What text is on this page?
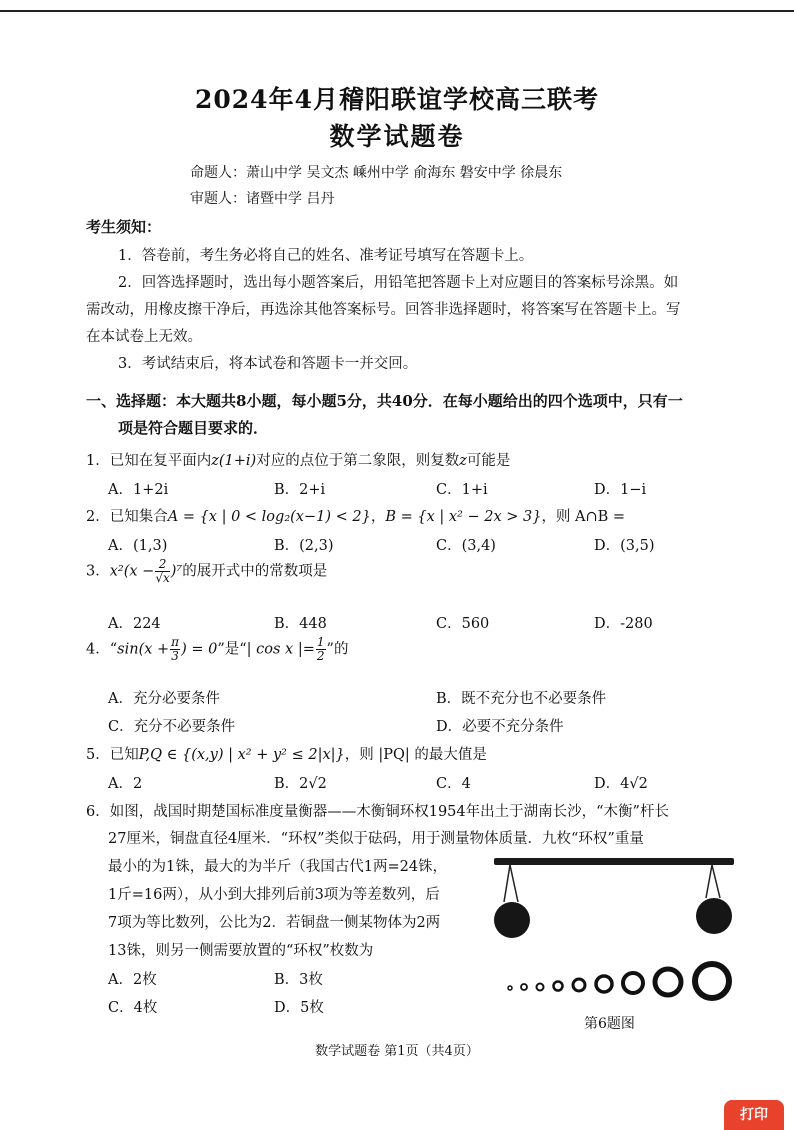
2024年4月稽阳联谊学校高三联考
数学试题卷
命题人：萧山中学 吴文杰 嵊州中学 俞海东 磐安中学 徐晨东
审题人：诸暨中学 吕丹
考生须知：
1．答卷前，考生务必将自己的姓名、准考证号填写在答题卡上。
2．回答选择题时，选出每小题答案后，用铅笔把答题卡上对应题目的答案标号涂黑。如
需改动，用橡皮擦干净后，再选涂其他答案标号。回答非选择题时，将答案写在答题卡上。写
在本试卷上无效。
3．考试结束后，将本试卷和答题卡一并交回。
一、选择题：本大题共8小题，每小题5分，共40分．在每小题给出的四个选项中，只有一
项是符合题目要求的．
1．已知在复平面内z(1+i)对应的点位于第二象限，则复数z可能是
A．1+2i	B．2+i	C．1+i	D．1−i
2．已知集合A = {x | 0 < log₂(x−1) < 2}，B = {x | x² − 2x > 3}，则 A∩B =
A．(1,3)	B．(2,3)	C．(3,4)	D．(3,5)
3．$x^2(x - \frac{2}{√x} )^7$的展开式中的常数项是
A．224	B．448	C．560	D．-280
4．“$\sin(x + \frac{\pi}{3}$ ) = 0”是“| cos x |= $\frac{1}{2}$ ”的
A．充分必要条件	B．既不充分也不必要条件
C．充分不必要条件	D．必要不充分条件
5．已知P,Q ∈ {(x,y) | x² + y² ≤ 2|x|}，则 |PQ| 的最大值是
A．2	B．2√2	C．4	D．4√2
6．如图，战国时期楚国标准度量衡器——木衡铜环权1954年出土于湖南长沙，“木衡”杆长
27厘米，铜盘直径4厘米．“环权”类似于砝码，用于测量物体质量．九枚“环权”重量
最小的为1铢，最大的为半斤（我国古代1两=24铢，
1斤=16两），从小到大排列后前3项为等差数列，后
7项为等比数列，公比为2．若铜盘一侧某物体为2两
13铢，则另一侧需要放置的“环权”枚数为
A．2枚	B．3枚
C．4枚	D．5枚
第6题图
数学试题卷 第1页（共4页）
打印
